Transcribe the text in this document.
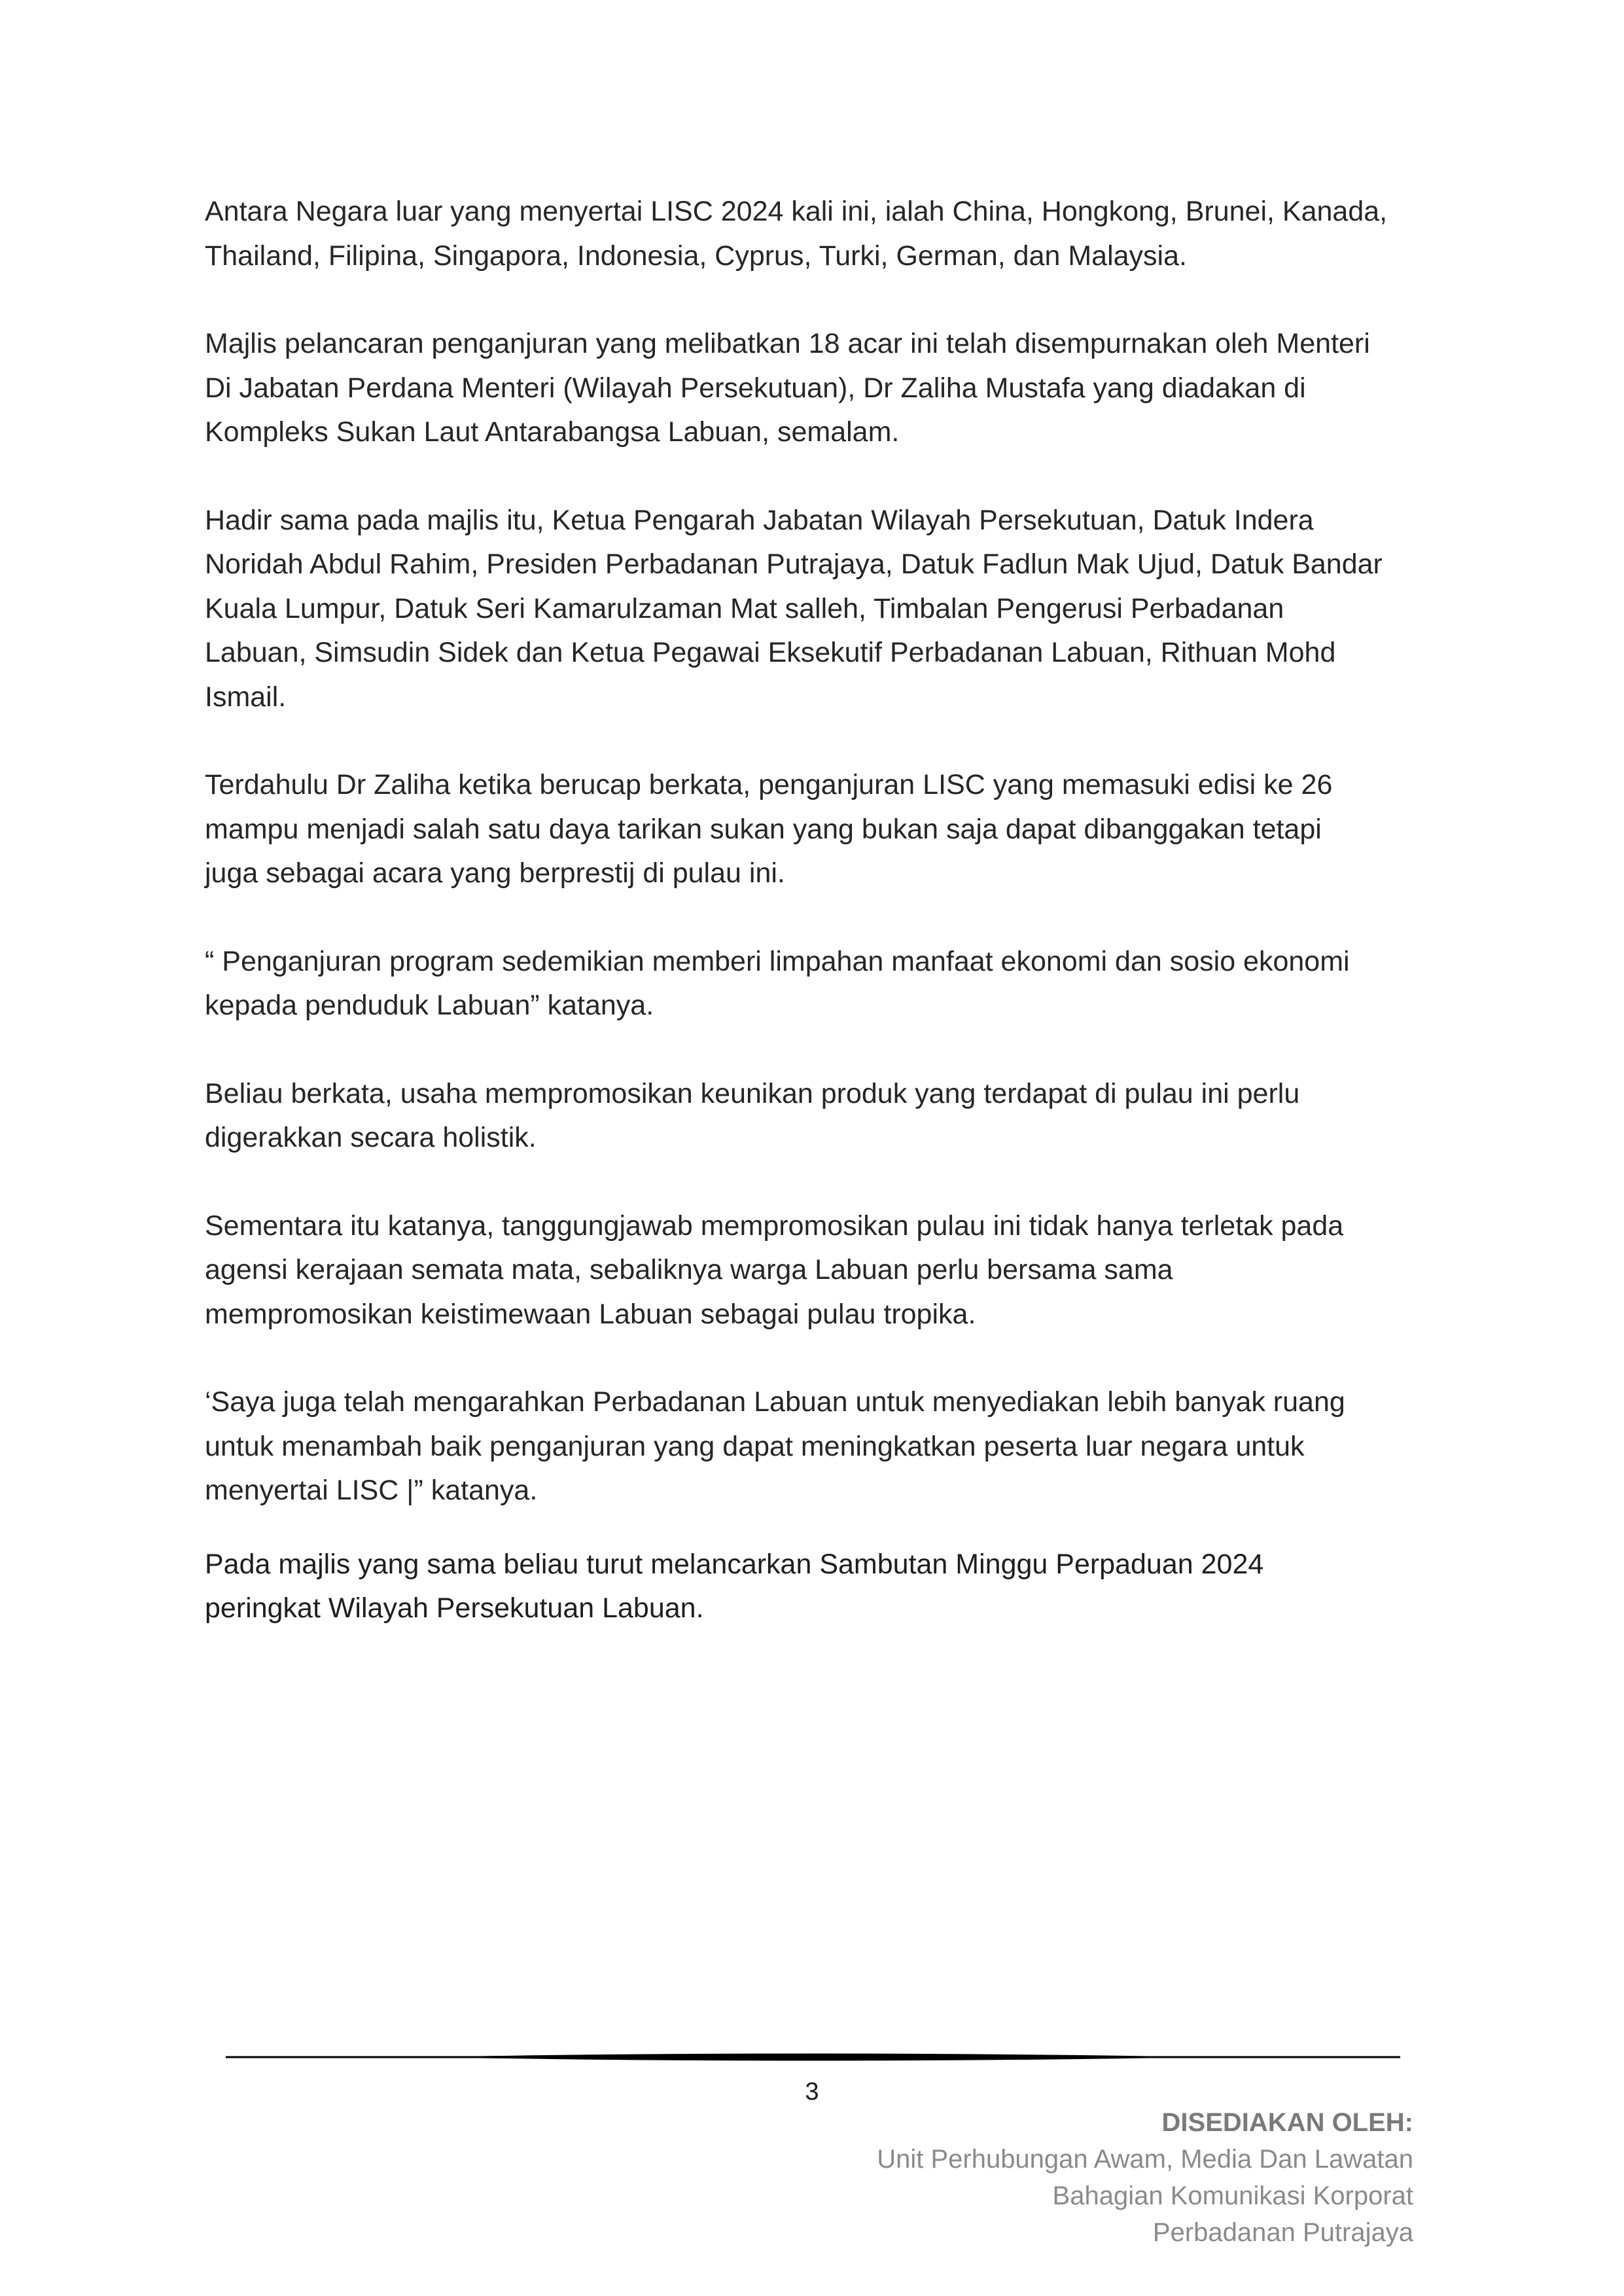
Antara Negara luar yang menyertai LISC 2024 kali ini, ialah China, Hongkong, Brunei, Kanada,
Thailand, Filipina, Singapora, Indonesia, Cyprus, Turki, German, dan Malaysia.

Majlis pelancaran penganjuran yang melibatkan 18 acar ini telah disempurnakan oleh Menteri
Di Jabatan Perdana Menteri (Wilayah Persekutuan), Dr Zaliha Mustafa yang diadakan di
Kompleks Sukan Laut Antarabangsa Labuan, semalam.

Hadir sama pada majlis itu, Ketua Pengarah Jabatan Wilayah Persekutuan, Datuk Indera
Noridah Abdul Rahim, Presiden Perbadanan Putrajaya, Datuk Fadlun Mak Ujud, Datuk Bandar
Kuala Lumpur, Datuk Seri Kamarulzaman Mat salleh, Timbalan Pengerusi Perbadanan
Labuan, Simsudin Sidek dan Ketua Pegawai Eksekutif Perbadanan Labuan, Rithuan Mohd
Ismail.

Terdahulu Dr Zaliha ketika berucap berkata, penganjuran LISC yang memasuki edisi ke 26
mampu menjadi salah satu daya tarikan sukan yang bukan saja dapat dibanggakan tetapi
juga sebagai acara yang berprestij di pulau ini.

“ Penganjuran program sedemikian memberi limpahan manfaat ekonomi dan sosio ekonomi
kepada penduduk Labuan” katanya.

Beliau berkata, usaha mempromosikan keunikan produk yang terdapat di pulau ini perlu
digerakkan secara holistik.

Sementara itu katanya, tanggungjawab mempromosikan pulau ini tidak hanya terletak pada
agensi kerajaan semata mata, sebaliknya warga Labuan perlu bersama sama
mempromosikan keistimewaan Labuan sebagai pulau tropika.

‘Saya juga telah mengarahkan Perbadanan Labuan untuk menyediakan lebih banyak ruang
untuk menambah baik penganjuran yang dapat meningkatkan peserta luar negara untuk
menyertai LISC |” katanya.

Pada majlis yang sama beliau turut melancarkan Sambutan Minggu Perpaduan 2024
peringkat Wilayah Persekutuan Labuan.

3
DISEDIAKAN OLEH:
Unit Perhubungan Awam, Media Dan Lawatan
Bahagian Komunikasi Korporat
Perbadanan Putrajaya
